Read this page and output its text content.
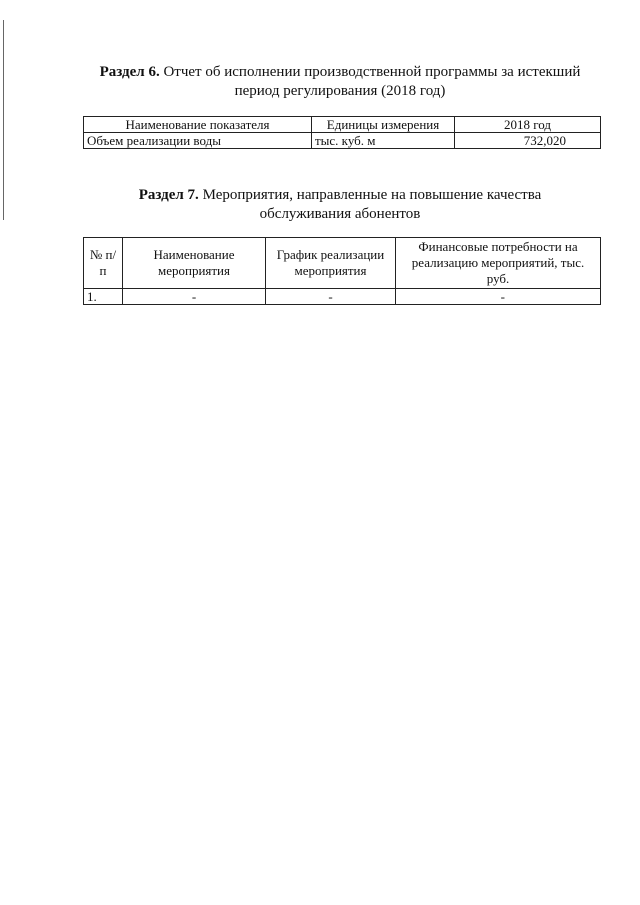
Раздел 6. Отчет об исполнении производственной программы за истекший
период регулирования (2018 год)
Наименование показателя	Единицы измерения	2018 год
Объем реализации воды	тыс. куб. м	732,020
Раздел 7. Мероприятия, направленные на повышение качества
обслуживания абонентов
№ п/п	Наименование мероприятия	График реализации мероприятия	Финансовые потребности на реализацию мероприятий, тыс. руб.
1.	-	-	-
